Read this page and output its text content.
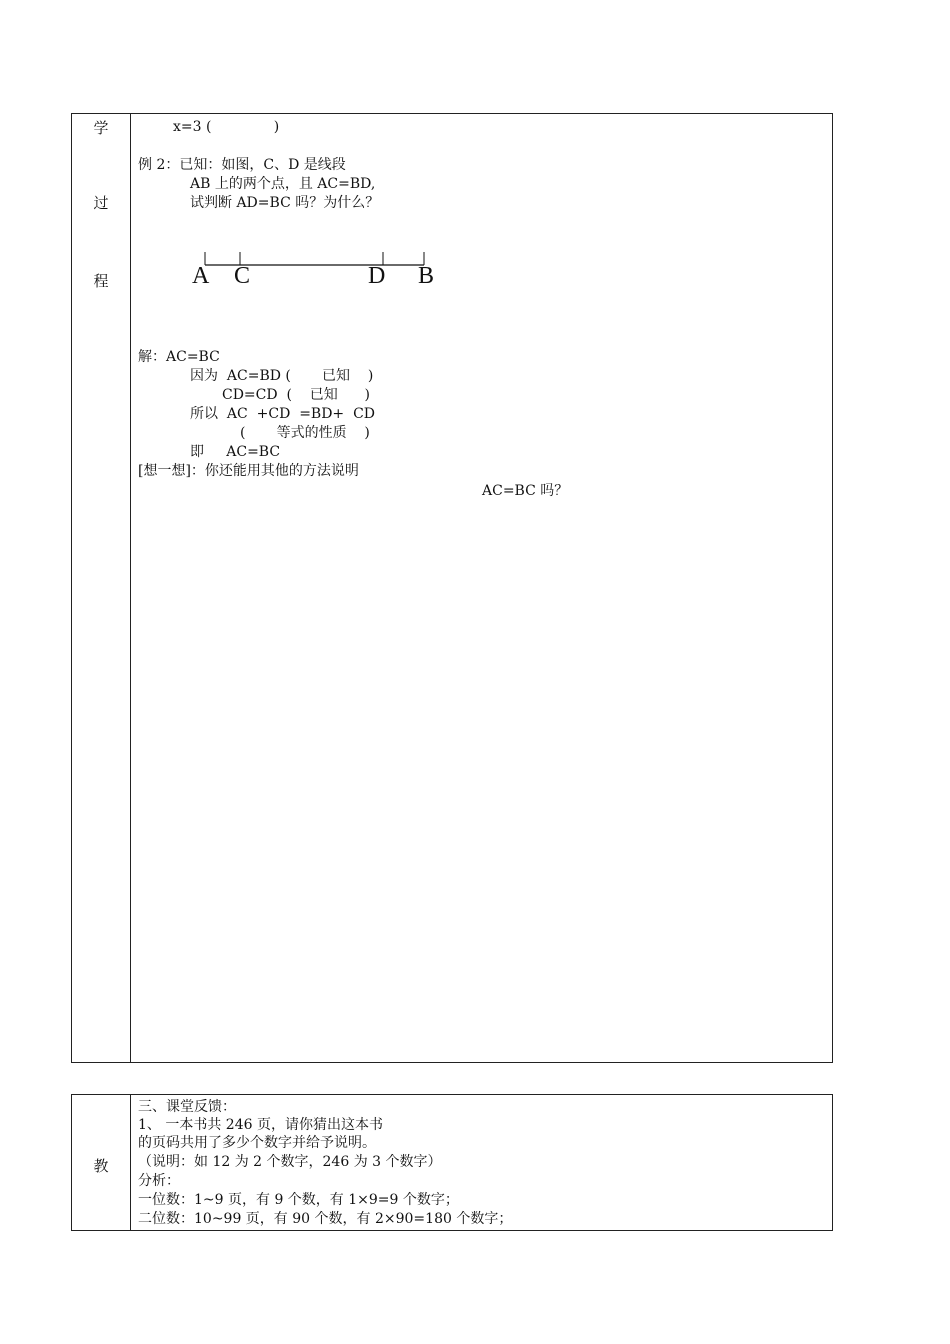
学
过
程
x=3 (              )
例 2：已知：如图，C、D 是线段
AB 上的两个点，且 AC=BD,
试判断 AD=BC 吗？为什么？
A C	D B
解：AC=BC
因为  AC=BD (       已知    )
CD=CD  (    已知      )
所以  AC  +CD  =BD+  CD
(       等式的性质    )
即     AC=BC
[想一想]：你还能用其他的方法说明
AC=BC 吗？
教
三、课堂反馈：
1、 一本书共 246 页，请你猜出这本书
的页码共用了多少个数字并给予说明。
（说明：如 12 为 2 个数字，246 为 3 个数字）
分析：
一位数：1~9 页，有 9 个数，有 1×9=9 个数字；
二位数：10~99 页，有 90 个数，有 2×90=180 个数字；
